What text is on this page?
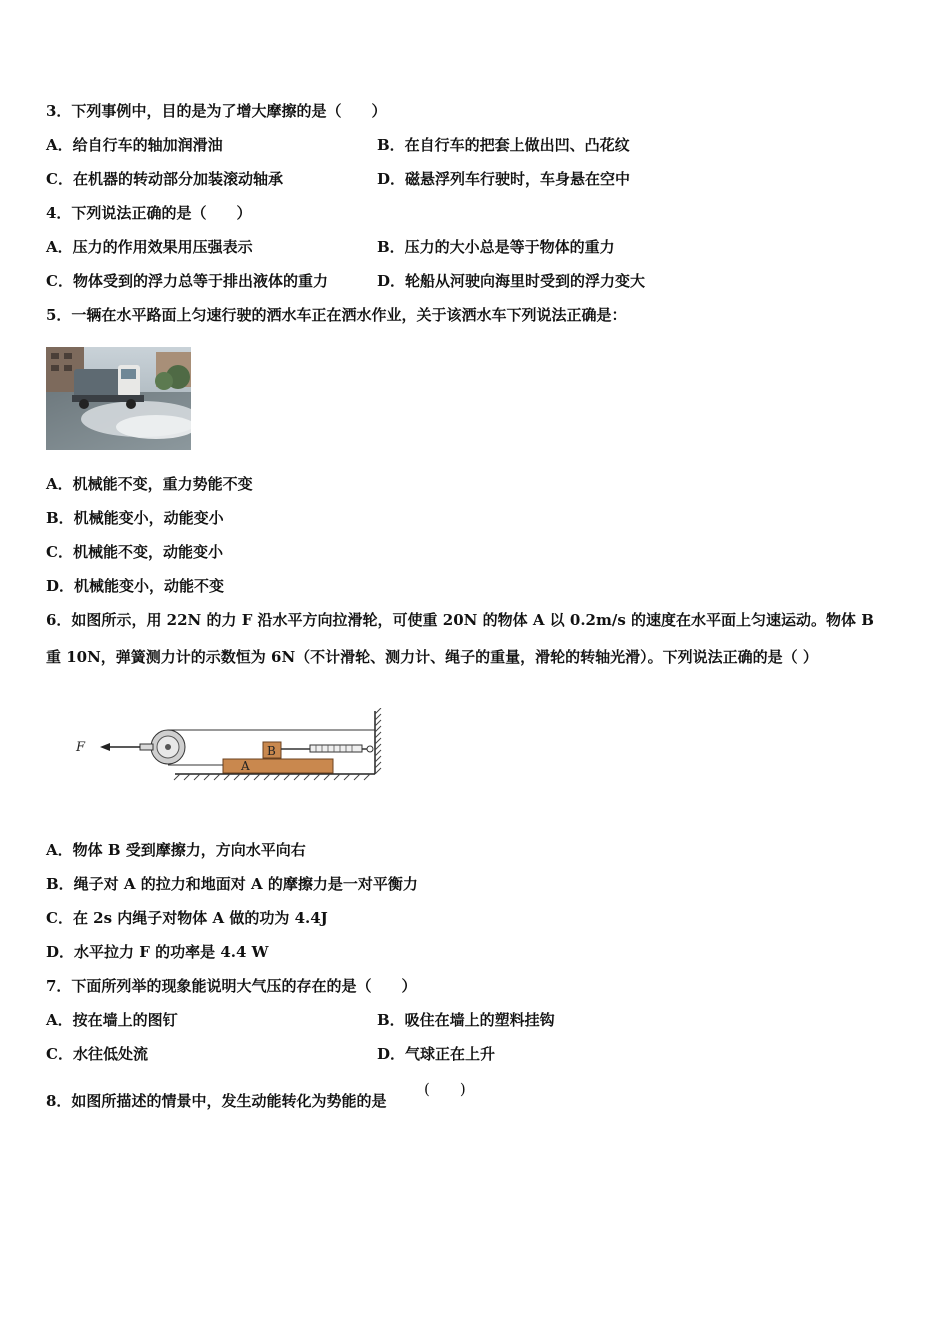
3．下列事例中，目的是为了增大摩擦的是（　　）
A．给自行车的轴加润滑油	B．在自行车的把套上做出凹、凸花纹
C．在机器的转动部分加装滚动轴承	D．磁悬浮列车行驶时，车身悬在空中
4．下列说法正确的是（　　）
A．压力的作用效果用压强表示	B．压力的大小总是等于物体的重力
C．物体受到的浮力总等于排出液体的重力	D．轮船从河驶向海里时受到的浮力变大
5．一辆在水平路面上匀速行驶的洒水车正在洒水作业，关于该洒水车下列说法正确是：
A．机械能不变，重力势能不变
B．机械能变小，动能变小
C．机械能不变，动能变小
D．机械能变小，动能不变
6．如图所示，用 22N 的力 F 沿水平方向拉滑轮，可使重 20N 的物体 A 以 0.2m/s 的速度在水平面上匀速运动。物体 B
重 10N，弹簧测力计的示数恒为 6N（不计滑轮、测力计、绳子的重量，滑轮的转轴光滑）。下列说法正确的是（ ）
F
A
B
A．物体 B 受到摩擦力，方向水平向右
B．绳子对 A 的拉力和地面对 A 的摩擦力是一对平衡力
C．在 2s 内绳子对物体 A 做的功为 4.4J
D．水平拉力 F 的功率是 4.4 W
7．下面所列举的现象能说明大气压的存在的是（　　）
A．按在墙上的图钉	B．吸住在墙上的塑料挂钩
C．水往低处流	D．气球正在上升
8．如图所描述的情景中，发生动能转化为势能的是
(　　)
